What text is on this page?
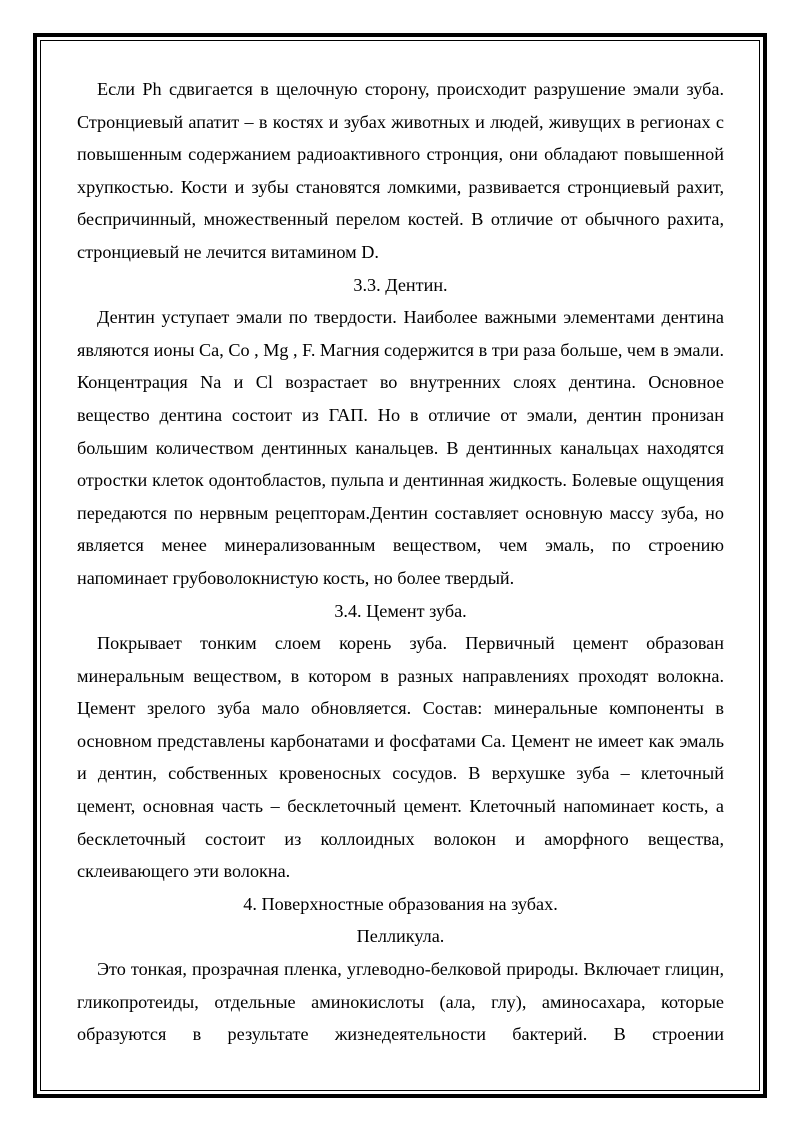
Если Ph сдвигается в щелочную сторону, происходит разрушение эмали зуба. Стронциевый апатит – в костях и зубах животных и людей, живущих в регионах с повышенным содержанием радиоактивного стронция, они обладают повышенной хрупкостью. Кости и зубы становятся ломкими, развивается стронциевый рахит, беспричинный, множественный перелом костей. В отличие от обычного рахита, стронциевый не лечится витамином D.

3.3. Дентин.

Дентин уступает эмали по твердости. Наиболее важными элементами дентина являются ионы Са, Со , Mg , F. Магния содержится в три раза больше, чем в эмали. Концентрация Na и Cl возрастает во внутренних слоях дентина. Основное вещество дентина состоит из ГАП. Но в отличие от эмали, дентин пронизан большим количеством дентинных канальцев. В дентинных канальцах находятся отростки клеток одонтобластов, пульпа и дентинная жидкость. Болевые ощущения передаются по нервным рецепторам.Дентин составляет основную массу зуба, но является менее минерализованным веществом, чем эмаль, по строению напоминает грубоволокнистую кость, но более твердый.

3.4. Цемент зуба.

Покрывает тонким слоем корень зуба. Первичный цемент образован минеральным веществом, в котором в разных направлениях проходят волокна. Цемент зрелого зуба мало обновляется. Состав: минеральные компоненты в основном представлены карбонатами и фосфатами Са. Цемент не имеет как эмаль и дентин, собственных кровеносных сосудов. В верхушке зуба – клеточный цемент, основная часть – бесклеточный цемент. Клеточный напоминает кость, а бесклеточный состоит из коллоидных волокон и аморфного вещества, склеивающего эти волокна.

4. Поверхностные образования на зубах.
Пелликула.

Это тонкая, прозрачная пленка, углеводно-белковой природы. Включает глицин, гликопротеиды, отдельные аминокислоты (ала, глу), аминосахара, которые образуются в результате жизнедеятельности бактерий. В строении
